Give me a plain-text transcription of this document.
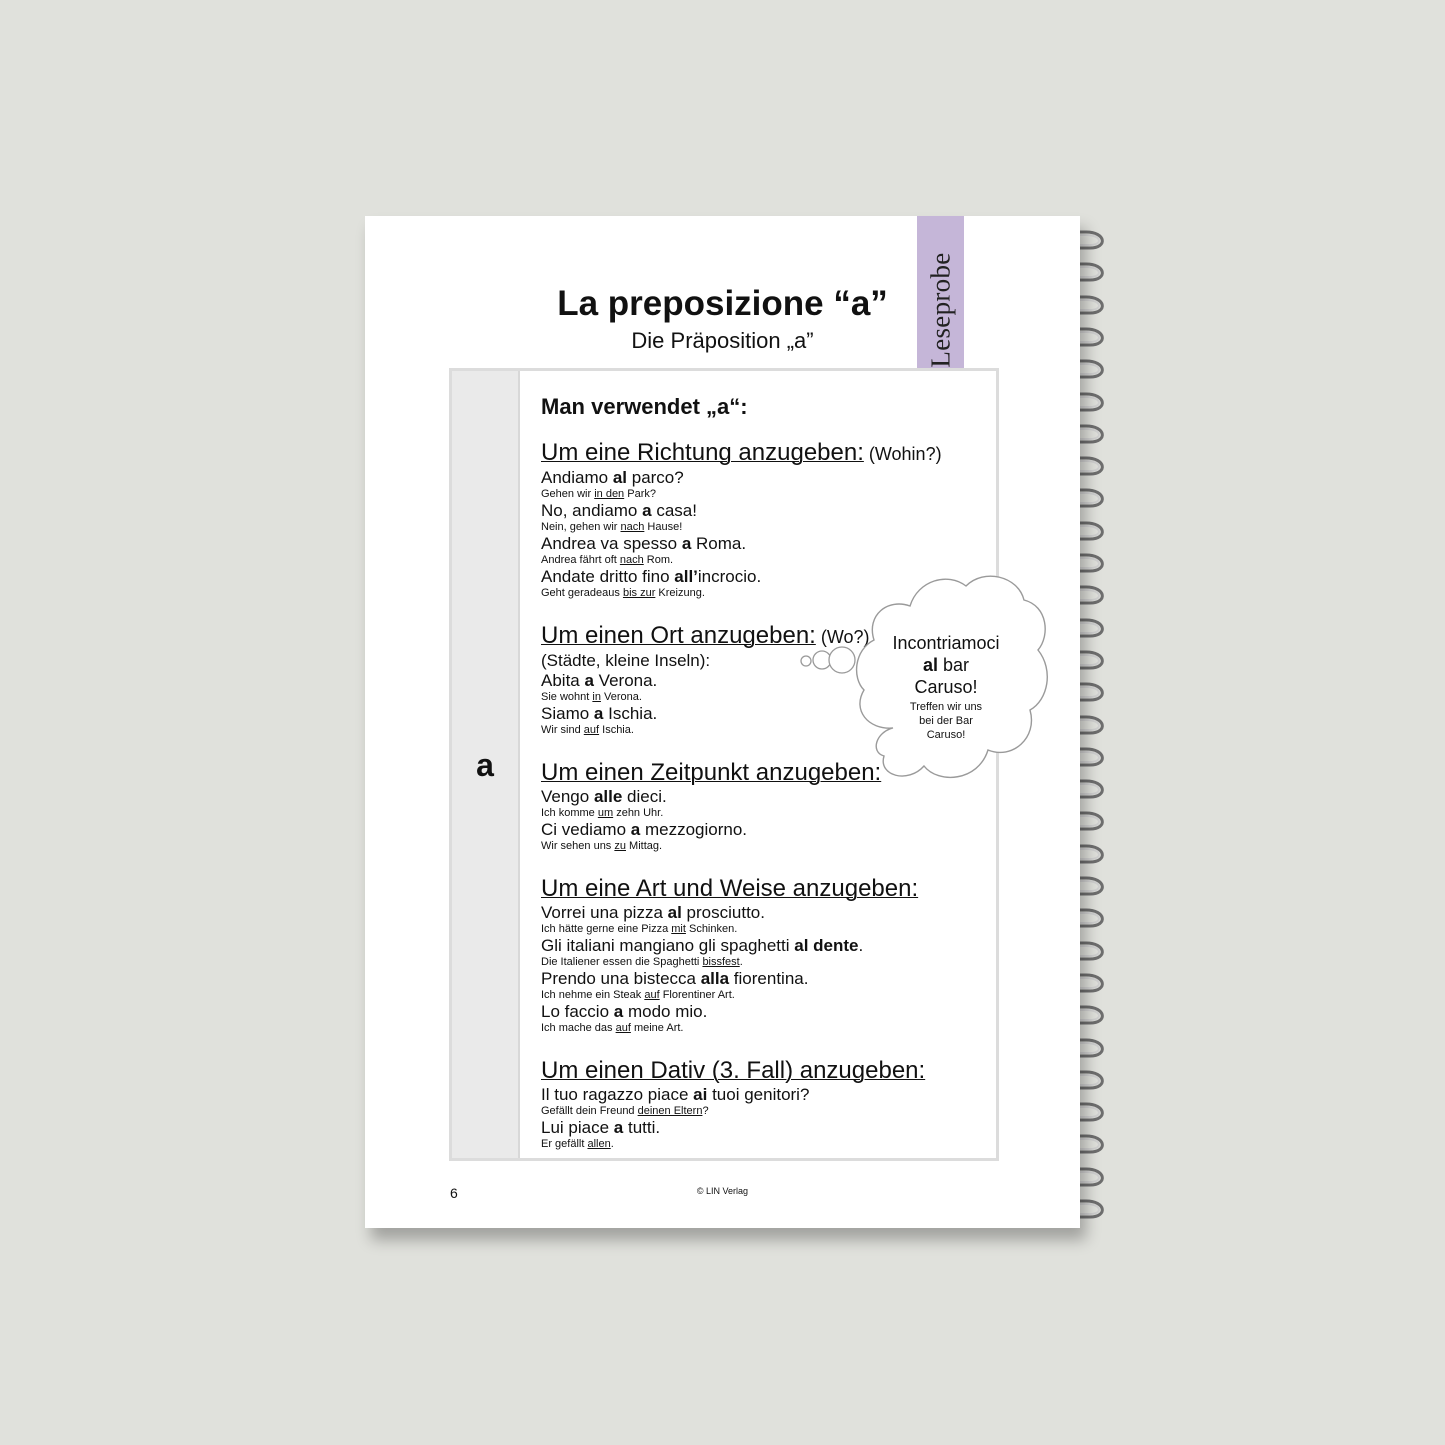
Leseprobe
La preposizione “a”
Die Präposition „a”
a
Man verwendet „a“:
Um eine Richtung anzugeben: (Wohin?)
Andiamo al parco?
Gehen wir in den Park?
No, andiamo a casa!
Nein, gehen wir nach Hause!
Andrea va spesso a Roma.
Andrea fährt oft nach Rom.
Andate dritto fino all’incrocio.
Geht geradeaus bis zur Kreizung.
Um einen Ort anzugeben: (Wo?)
(Städte, kleine Inseln):
Abita a Verona.
Sie wohnt in Verona.
Siamo a Ischia.
Wir sind auf Ischia.
Um einen Zeitpunkt anzugeben:
Vengo alle dieci.
Ich komme um zehn Uhr.
Ci vediamo a mezzogiorno.
Wir sehen uns zu Mittag.
Um eine Art und Weise anzugeben:
Vorrei una pizza al prosciutto.
Ich hätte gerne eine Pizza mit Schinken.
Gli italiani mangiano gli spaghetti al dente.
Die Italiener essen die Spaghetti bissfest.
Prendo una bistecca alla fiorentina.
Ich nehme ein Steak auf Florentiner Art.
Lo faccio a modo mio.
Ich mache das auf meine Art.
Um einen Dativ (3. Fall) anzugeben:
Il tuo ragazzo piace ai tuoi genitori?
Gefällt dein Freund deinen Eltern?
Lui piace a tutti.
Er gefällt allen.
Incontriamoci
al bar
Caruso!
Treffen wir uns
bei der Bar
Caruso!
6	© LIN Verlag
